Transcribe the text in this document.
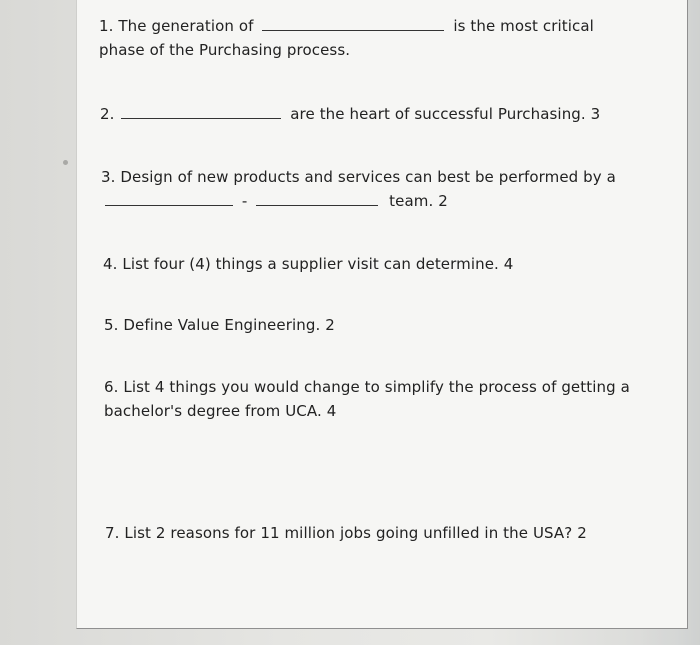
1. The generation of	is the most critical
phase of the Purchasing process.
2.	are the heart of successful Purchasing. 3
3. Design of new products and services can best be performed by a
-	team. 2
4. List four (4) things a supplier visit can determine. 4
5. Define Value Engineering. 2
6. List 4 things you would change to simplify the process of getting a
bachelor's degree from UCA. 4
7. List 2 reasons for 11 million jobs going unfilled in the USA? 2
